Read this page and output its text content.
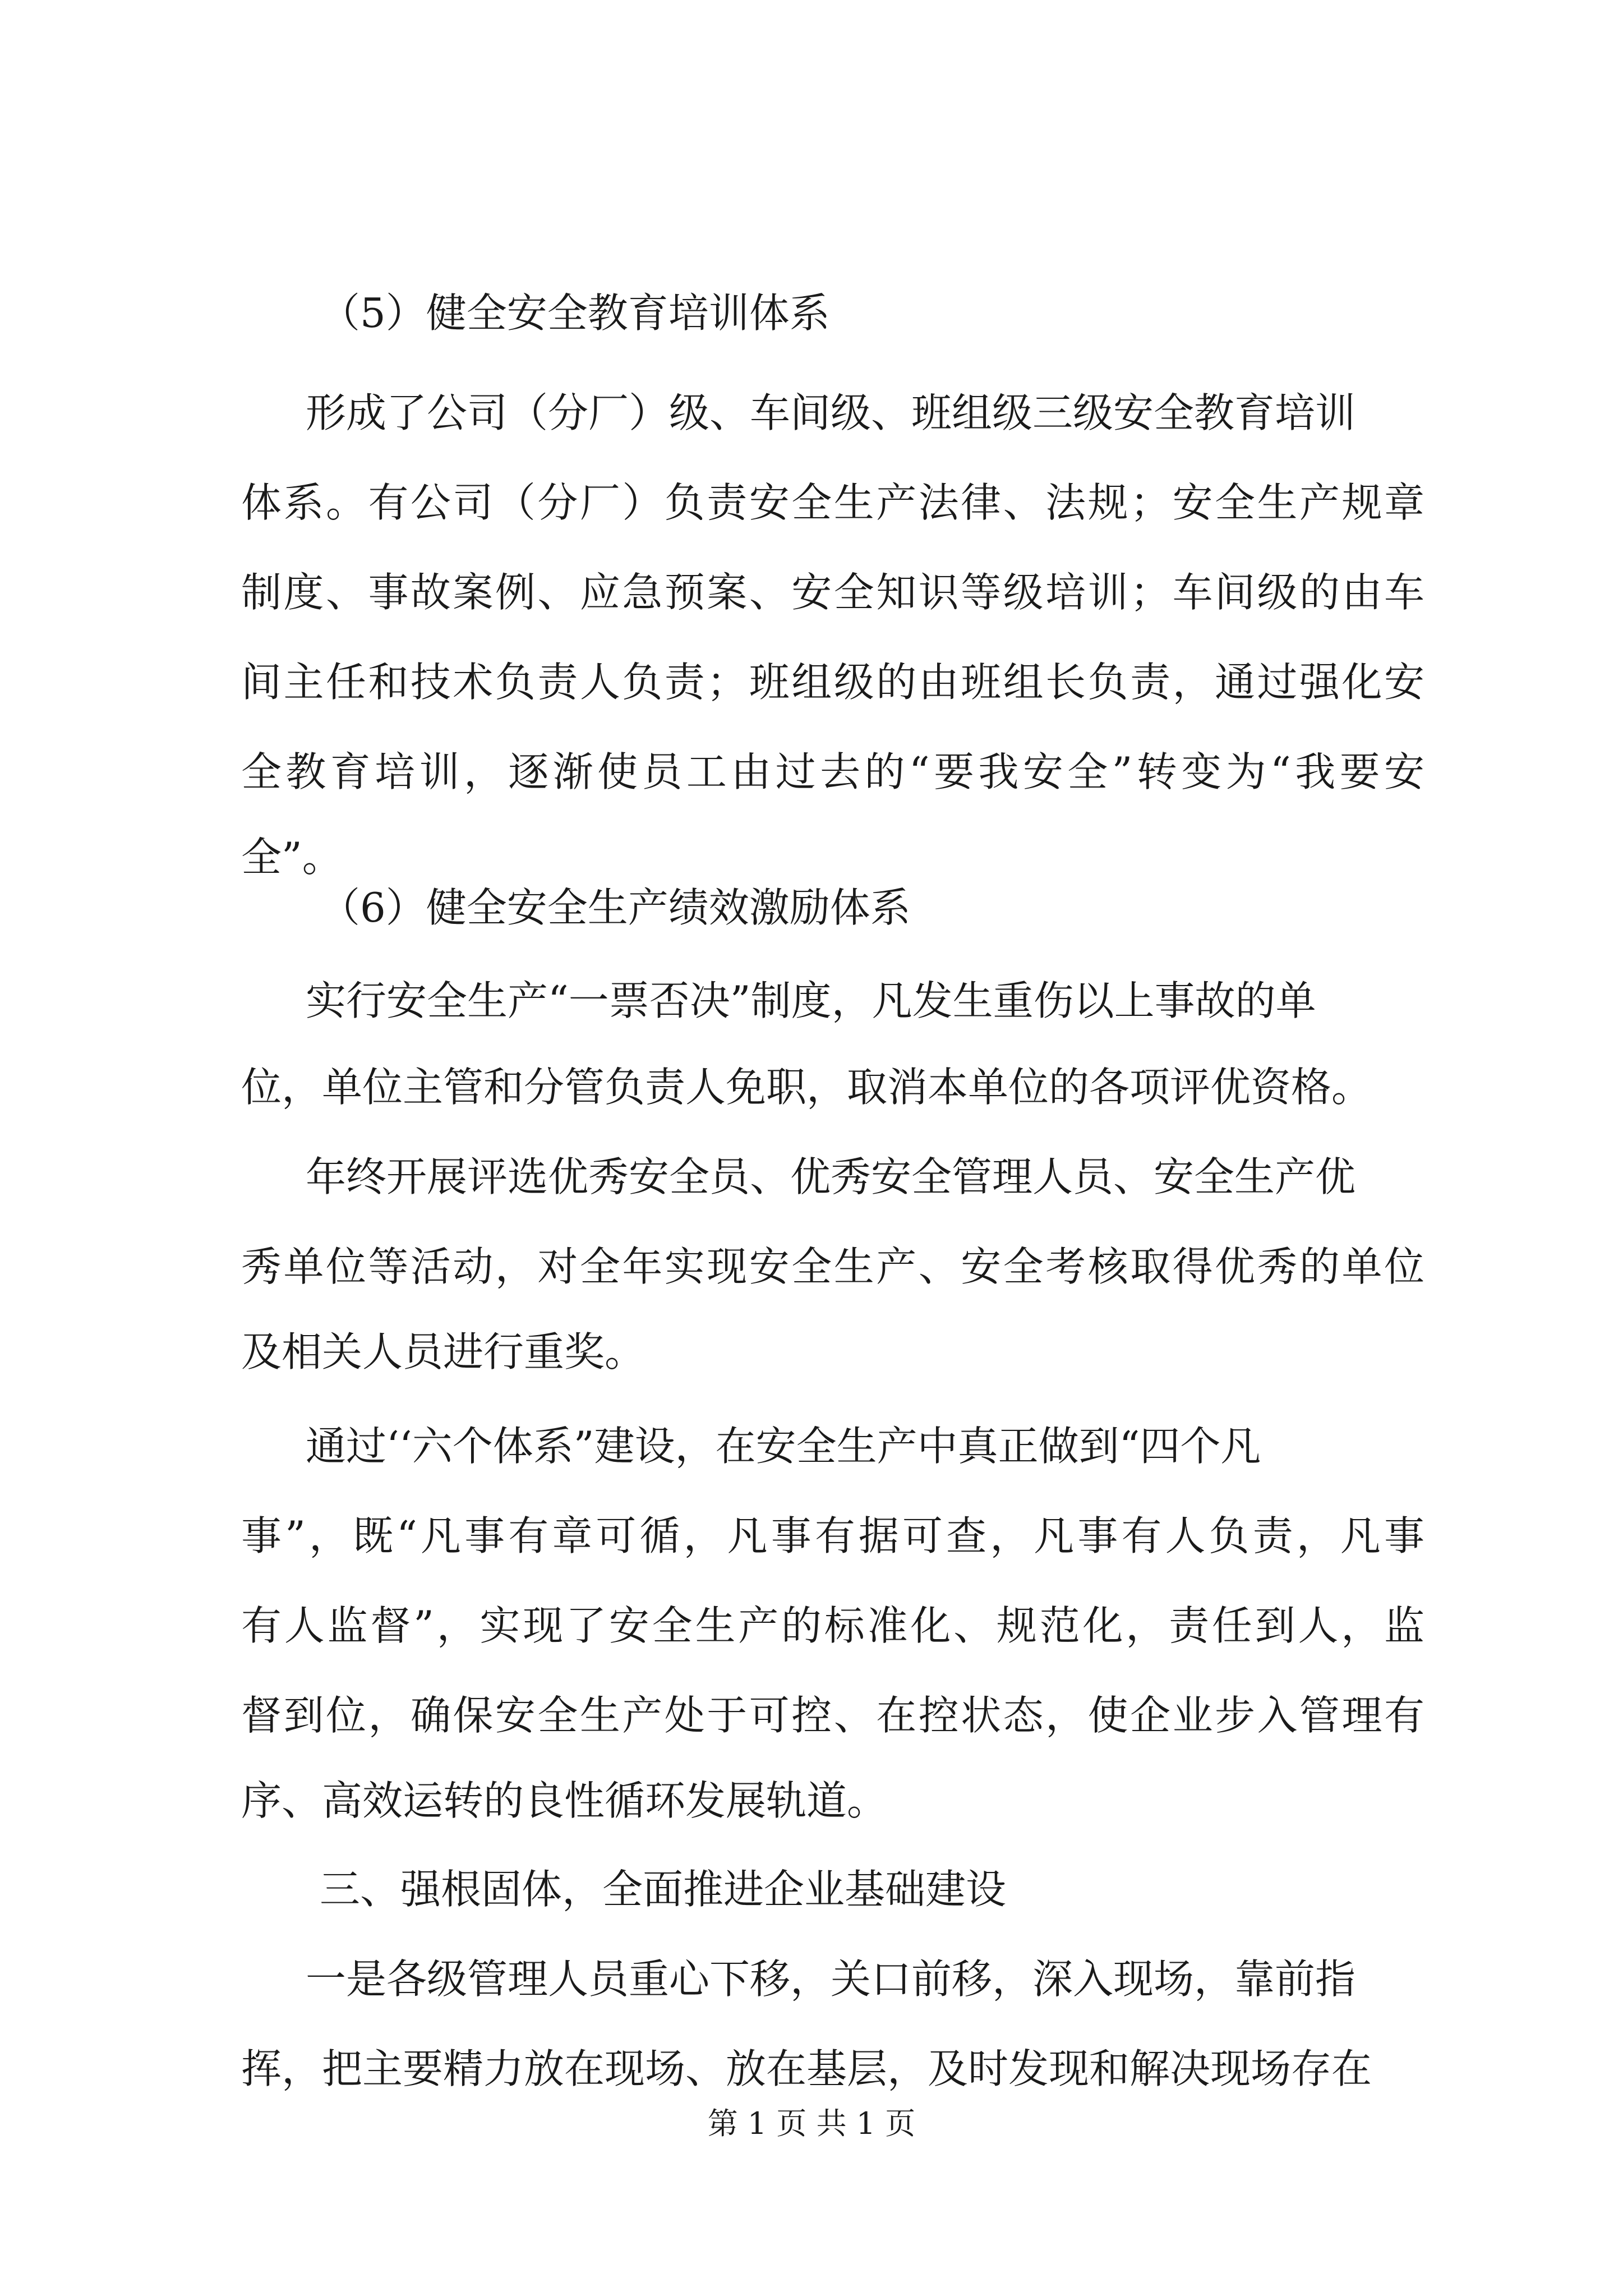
（5）健全安全教育培训体系
形成了公司（分厂）级、车间级、班组级三级安全教育培训
体系。有公司（分厂）负责安全生产法律、法规；安全生产规章
制度、事故案例、应急预案、安全知识等级培训；车间级的由车
间主任和技术负责人负责；班组级的由班组长负责，通过强化安
全教育培训，逐渐使员工由过去的“要我安全”转变为“我要安
全”。
（6）健全安全生产绩效激励体系
实行安全生产“一票否决”制度，凡发生重伤以上事故的单
位，单位主管和分管负责人免职，取消本单位的各项评优资格。
年终开展评选优秀安全员、优秀安全管理人员、安全生产优
秀单位等活动，对全年实现安全生产、安全考核取得优秀的单位
及相关人员进行重奖。
通过‘‘六个体系”建设，在安全生产中真正做到“四个凡
事”，既“凡事有章可循，凡事有据可查，凡事有人负责，凡事
有人监督”，实现了安全生产的标准化、规范化，责任到人，监
督到位，确保安全生产处于可控、在控状态，使企业步入管理有
序、高效运转的良性循环发展轨道。
三、强根固体，全面推进企业基础建设
一是各级管理人员重心下移，关口前移，深入现场，靠前指
挥，把主要精力放在现场、放在基层，及时发现和解决现场存在
第 1 页 共 1 页
